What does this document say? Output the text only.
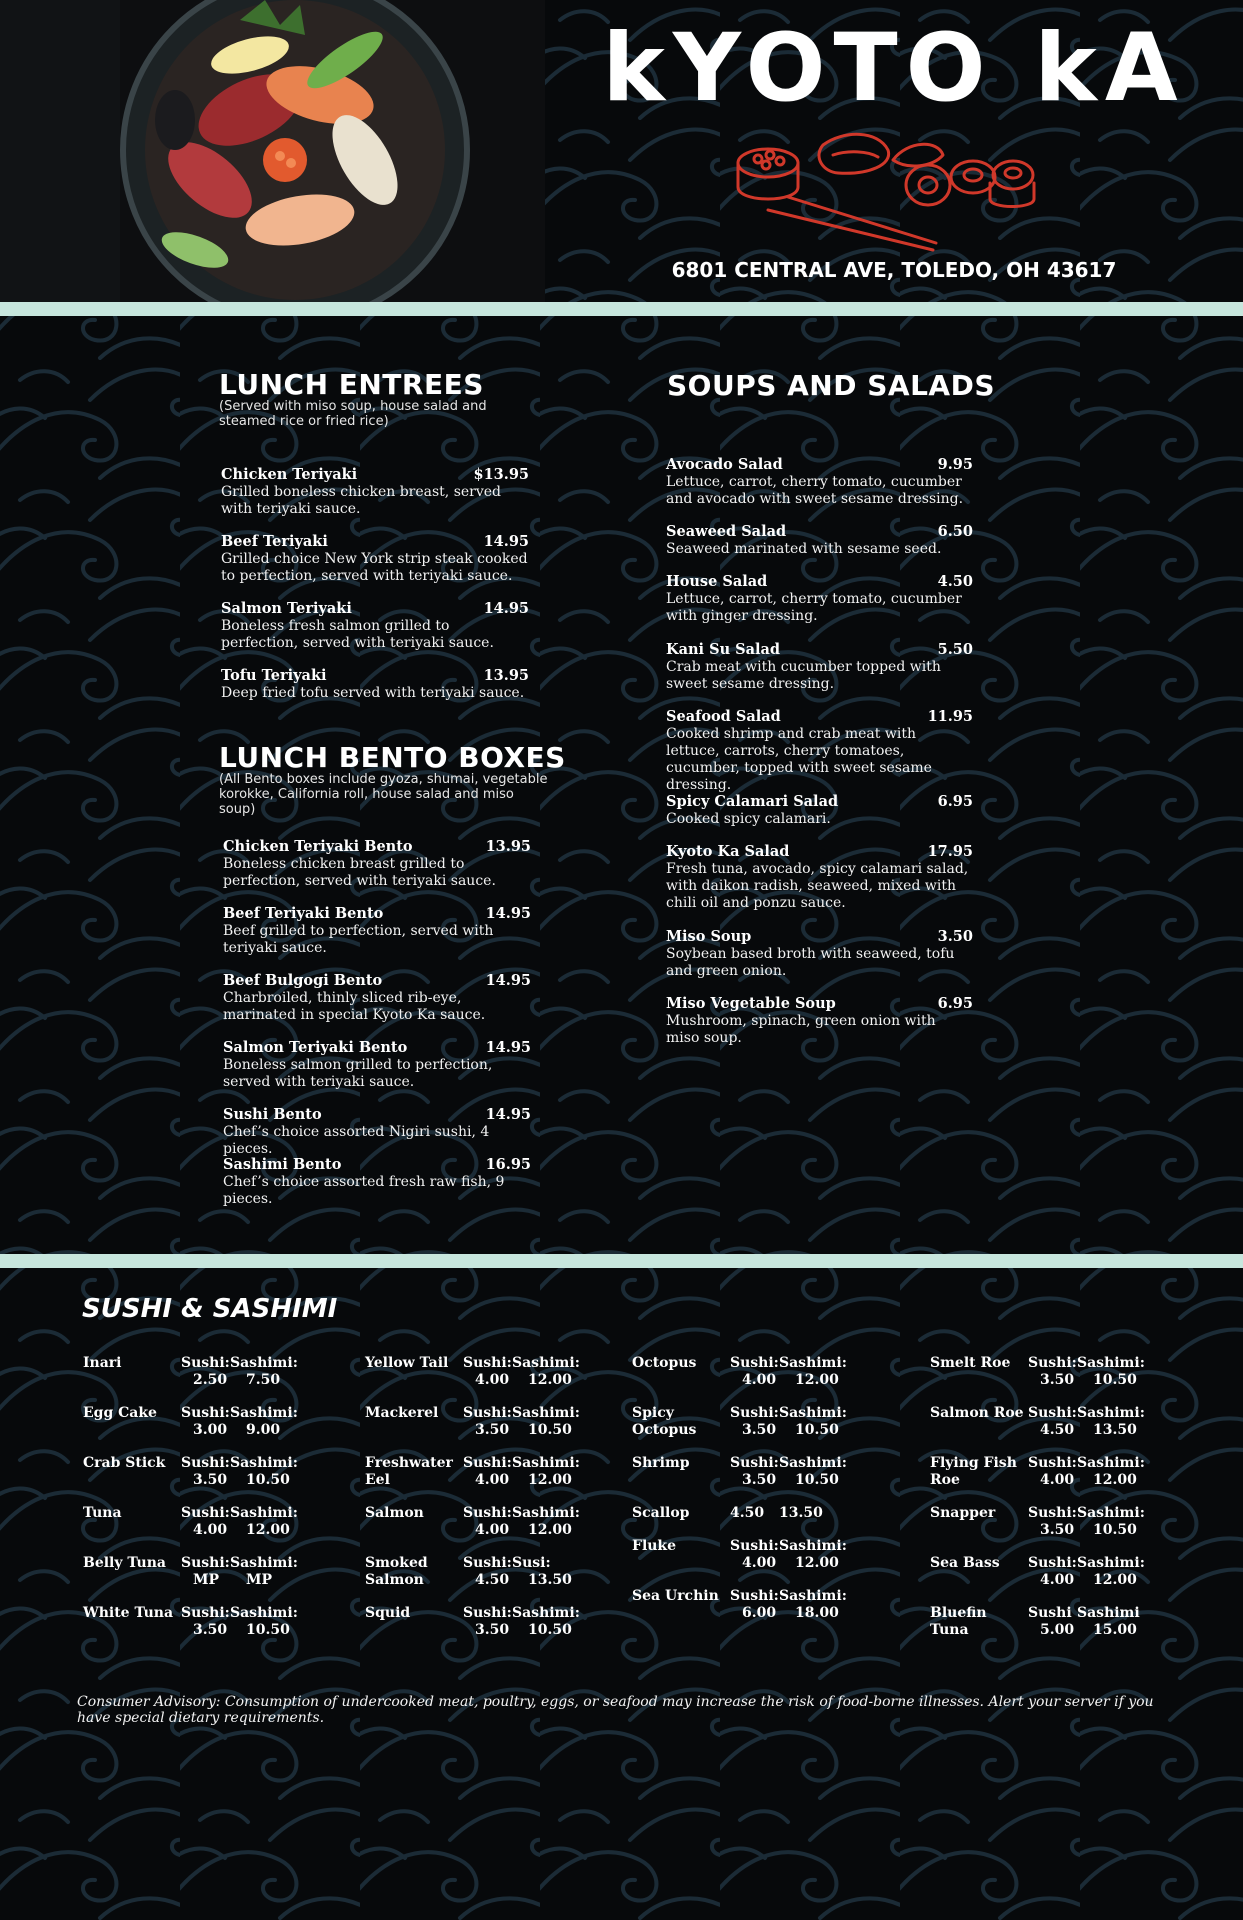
kYOTO kA
6801 CENTRAL AVE, TOLEDO, OH 43617
LUNCH ENTREES
(Served with miso soup, house salad and steamed rice or fried rice)
Chicken Teriyaki	$13.95
Grilled boneless chicken breast, served with teriyaki sauce.
Beef Teriyaki	14.95
Grilled choice New York strip steak cooked to perfection, served with teriyaki sauce.
Salmon Teriyaki	14.95
Boneless fresh salmon grilled to perfection, served with teriyaki sauce.
Tofu Teriyaki	13.95
Deep fried tofu served with teriyaki sauce.
LUNCH BENTO BOXES
(All Bento boxes include gyoza, shumai, vegetable korokke, California roll, house salad and miso soup)
Chicken Teriyaki Bento	13.95
Boneless chicken breast grilled to perfection, served with teriyaki sauce.
Beef Teriyaki Bento	14.95
Beef grilled to perfection, served with teriyaki sauce.
Beef Bulgogi Bento	14.95
Charbroiled, thinly sliced rib-eye, marinated in special Kyoto Ka sauce.
Salmon Teriyaki Bento	14.95
Boneless salmon grilled to perfection, served with teriyaki sauce.
Sushi Bento	14.95
Chef’s choice assorted Nigiri sushi, 4 pieces.
Sashimi Bento	16.95
Chef’s choice assorted fresh raw fish, 9 pieces.
SOUPS AND SALADS
Avocado Salad	9.95
Lettuce, carrot, cherry tomato, cucumber and avocado with sweet sesame dressing.
Seaweed Salad	6.50
Seaweed marinated with sesame seed.
House Salad	4.50
Lettuce, carrot, cherry tomato, cucumber with ginger dressing.
Kani Su Salad	5.50
Crab meat with cucumber topped with sweet sesame dressing.
Seafood Salad	11.95
Cooked shrimp and crab meat with lettuce, carrots, cherry tomatoes, cucumber, topped with sweet sesame dressing.
Spicy Calamari Salad	6.95
Cooked spicy calamari.
Kyoto Ka Salad	17.95
Fresh tuna, avocado, spicy calamari salad, with daikon radish, seaweed, mixed with chili oil and ponzu sauce.
Miso Soup	3.50
Soybean based broth with seaweed, tofu and green onion.
Miso Vegetable Soup	6.95
Mushroom, spinach, green onion with miso soup.
SUSHI & SASHIMI
Inari	Sushi: Sashimi:
2.50 7.50
Egg Cake	Sushi: Sashimi:
3.00 9.00
Crab Stick	Sushi: Sashimi:
3.50 10.50
Tuna	Sushi: Sashimi:
4.00 12.00
Belly Tuna	Sushi: Sashimi:
MP MP
White Tuna Sushi: Sashimi:
3.50 10.50
Yellow Tail	Sushi: Sashimi:
4.00 12.00
Mackerel	Sushi: Sashimi:
3.50 10.50
Freshwater Eel
Sushi: Sashimi:
4.00 12.00
Salmon	Sushi: Sashimi:
4.00 12.00
Smoked Salmon
Sushi: Susi:
4.50 13.50
Squid	Sushi: Sashimi:
3.50 10.50
Octopus	Sushi: Sashimi:
4.00 12.00
Spicy Octopus
Sushi: Sashimi:
3.50 10.50
Shrimp	Sushi: Sashimi:
3.50 10.50
Scallop	4.50 13.50
Fluke	Sushi: Sashimi:
4.00 12.00
Sea Urchin Sushi: Sashimi:
6.00 18.00
Smelt Roe	Sushi: Sashimi:
3.50 10.50
Salmon Roe Sushi: Sashimi:
4.50 13.50
Flying Fish Roe
Sushi: Sashimi:
4.00 12.00
Snapper	Sushi: Sashimi:
3.50 10.50
Sea Bass	Sushi: Sashimi:
4.00 12.00
Bluefin Tuna
Sushi Sashimi
5.00 15.00
Consumer Advisory: Consumption of undercooked meat, poultry, eggs, or seafood may increase the risk of food-borne illnesses. Alert your server if you have special dietary requirements.
